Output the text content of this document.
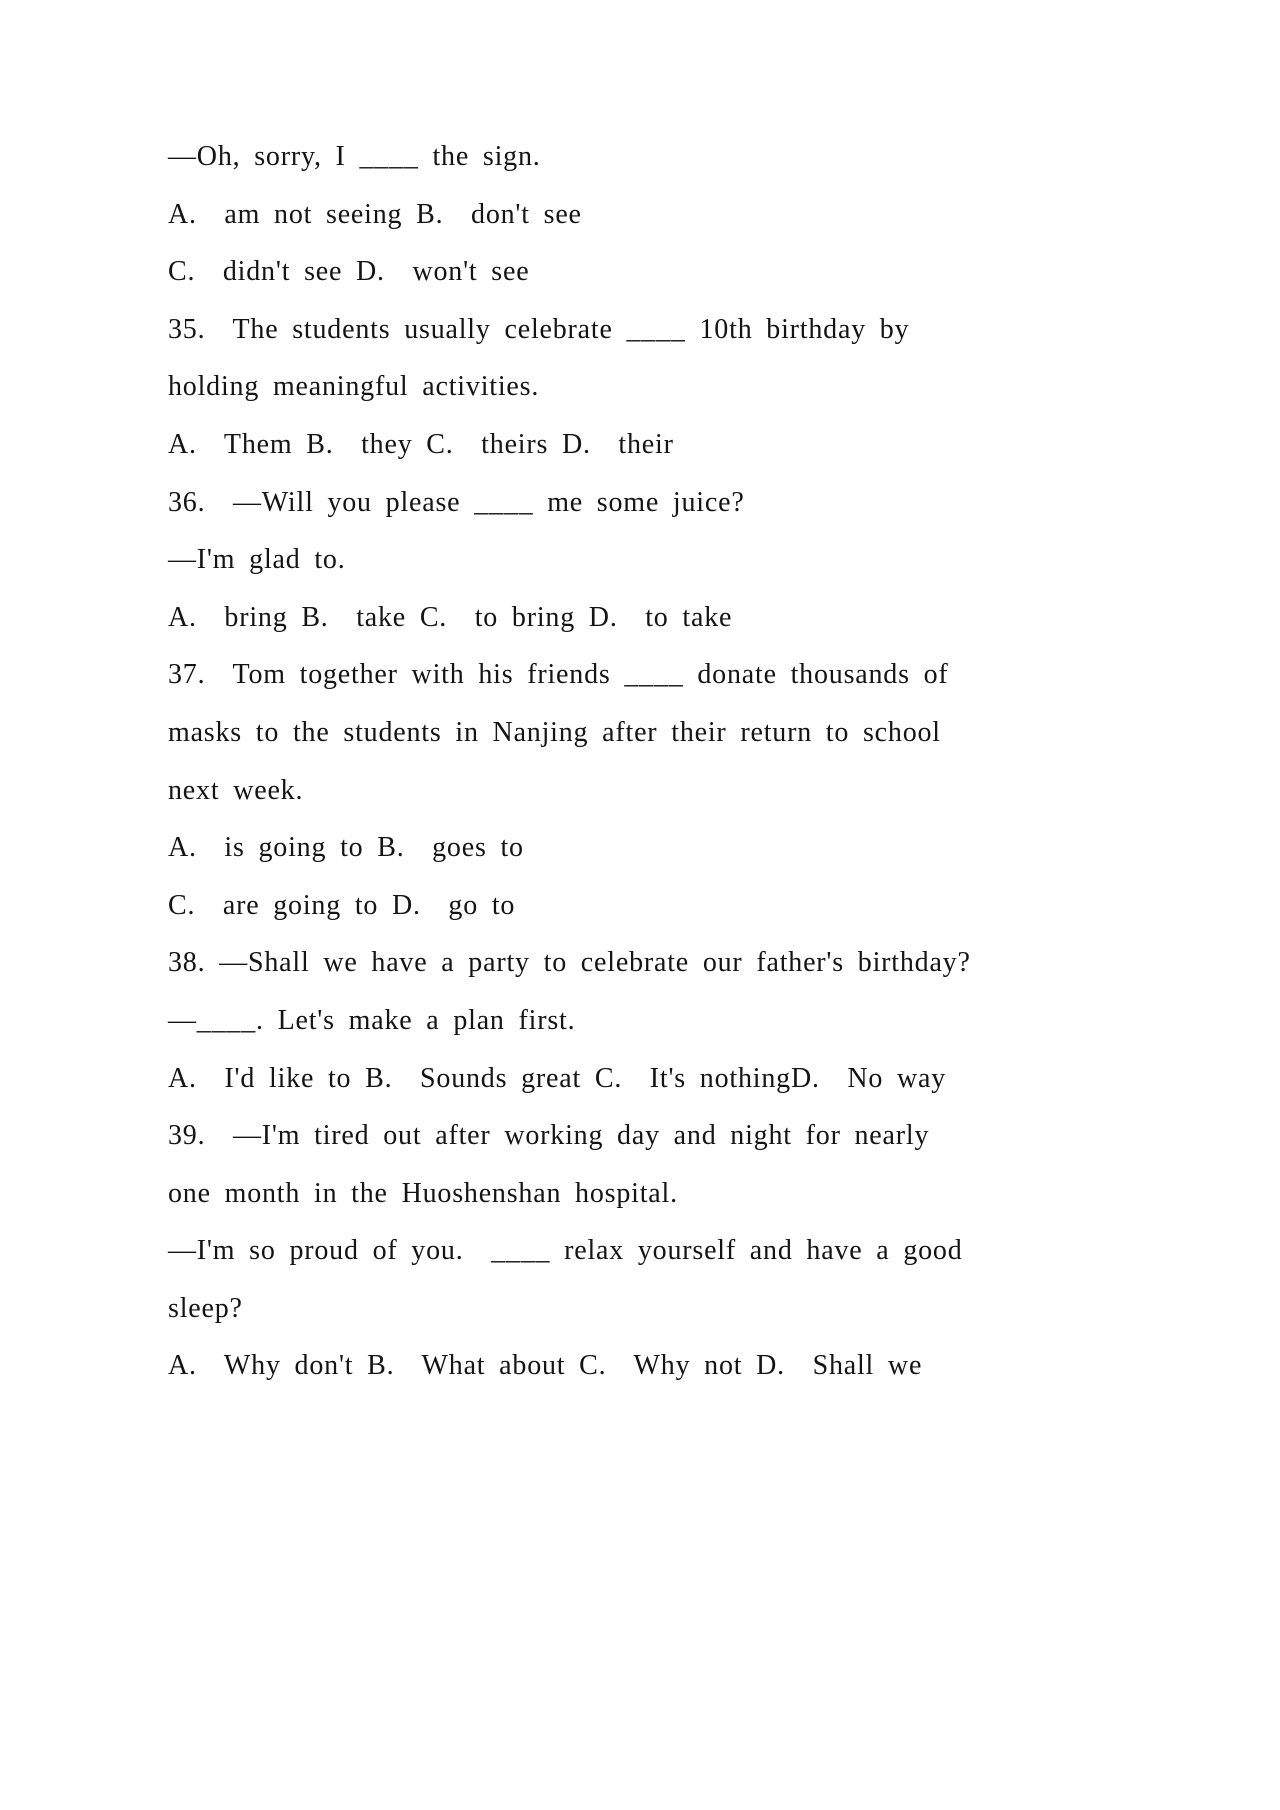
—Oh, sorry, I ____ the sign.
A.  am not seeing B.  don't see
C.  didn't see D.  won't see
35.  The students usually celebrate ____ 10th birthday by
holding meaningful activities.
A.  Them B.  they C.  theirs D.  their
36.  —Will you please ____ me some juice?
—I'm glad to.
A.  bring B.  take C.  to bring D.  to take
37.  Tom together with his friends ____ donate thousands of
masks to the students in Nanjing after their return to school
next week.
A.  is going to B.  goes to
C.  are going to D.  go to
38. —Shall we have a party to celebrate our father's birthday?
—____. Let's make a plan first.
A.  I'd like to B.  Sounds great C.  It's nothingD.  No way
39.  —I'm tired out after working day and night for nearly
one month in the Huoshenshan hospital.
—I'm so proud of you.  ____ relax yourself and have a good
sleep?
A.  Why don't B.  What about C.  Why not D.  Shall we
